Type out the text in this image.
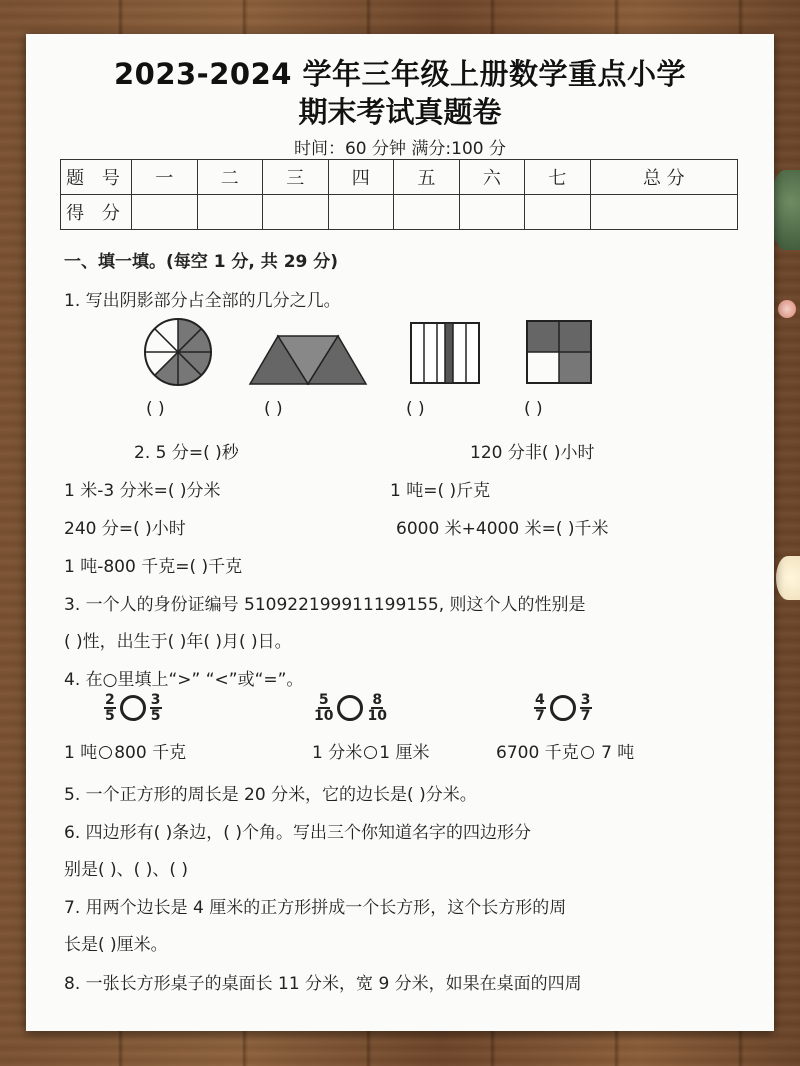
2023-2024 学年三年级上册数学重点小学
期末考试真题卷
时间：60 分钟 满分:100 分
题 号	一	二	三	四	五	六	七	总 分
得 分								
一、填一填。(每空 1 分, 共 29 分)
1. 写出阴影部分占全部的几分之几。
( )	( )	( )	( )
2. 5 分=( )秒	120 分非( )小时
1 米-3 分米=( )分米	1 吨=( )斤克
240 分=( )小时	6000 米+4000 米=( )千米
1 吨-800 千克=( )千克
3. 一个人的身份证编号 510922199911199155, 则这个人的性别是
( )性，出生于( )年( )月( )日。
4. 在○里填上“>” “<”或“=”。
$\frac{2}{5} \frac{3}{5}$	$\frac{5}{10} \frac{8}{10}$	$\frac{4}{7} \frac{3}{7}$
1 吨 800 千克	1 分米 1 厘米	6700 千克 7 吨
5. 一个正方形的周长是 20 分米，它的边长是( )分米。
6. 四边形有( )条边，( )个角。写出三个你知道名字的四边形分
别是( )、( )、( )
7. 用两个边长是 4 厘米的正方形拼成一个长方形，这个长方形的周
长是( )厘米。
8. 一张长方形桌子的桌面长 11 分米，宽 9 分米，如果在桌面的四周
